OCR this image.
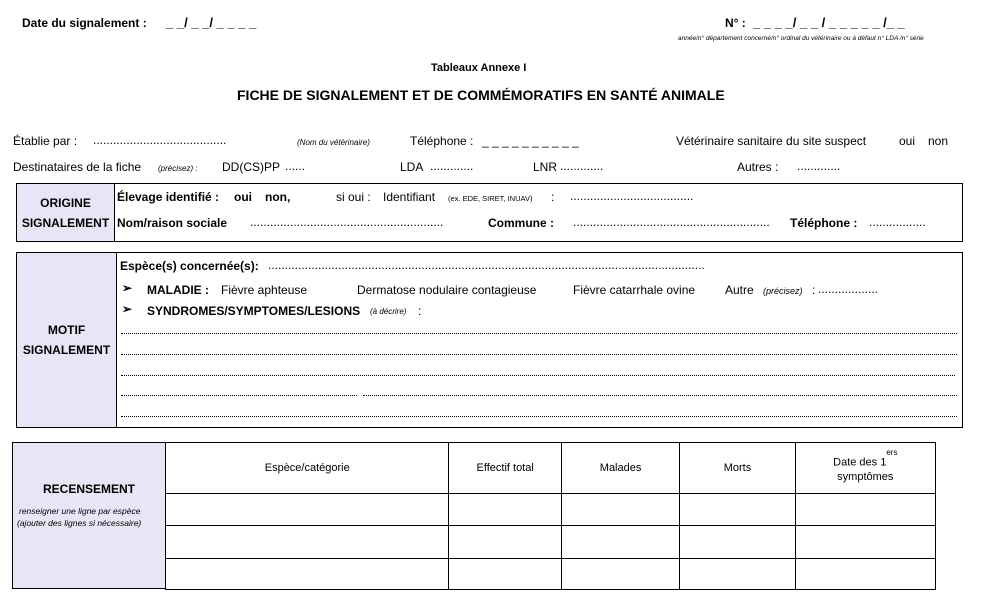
Date du signalement : _ _/ _ _/ _ _ _ _	N° : _ _ _ _/ _ _ / _ _ _ _ _ /_ _
année/n° département concerné/n° ordinal du vétérinaire ou à défaut n° LDA /n° série
Tableaux Annexe I
FICHE DE SIGNALEMENT ET DE COMMÉMORATIFS EN SANTÉ ANIMALE
Établie par : ........................................	(Nom du vétérinaire)	Téléphone : _ _ _ _ _ _ _ _ _ _	Vétérinaire sanitaire du site suspect	oui non
Destinataires de la fiche (précisez) : DD(CS)PP ......	LDA .............	LNR .............	Autres : .............
ORIGINE
SIGNALEMENT
Élevage identifié : oui non,	si oui : Identifiant (ex. EDE, SIRET, INUAV) : .....................................
Nom/raison sociale ..........................................................	Commune : ........................................................... Téléphone : .................
MOTIF
SIGNALEMENT
Espèce(s) concernée(s): ...................................................................................................................................
➢ MALADIE : Fièvre aphteuse	Dermatose nodulaire contagieuse	Fièvre catarrhale ovine Autre (précisez) : ..................
➢ SYNDROMES/SYMPTOMES/LESIONS (à décrire) :
RECENSEMENT
renseigner une ligne par espèce
(ajouter des lignes si nécessaire)
Espèce/catégorie	Effectif total	Malades	Morts	Date des 1ers
symptômes
